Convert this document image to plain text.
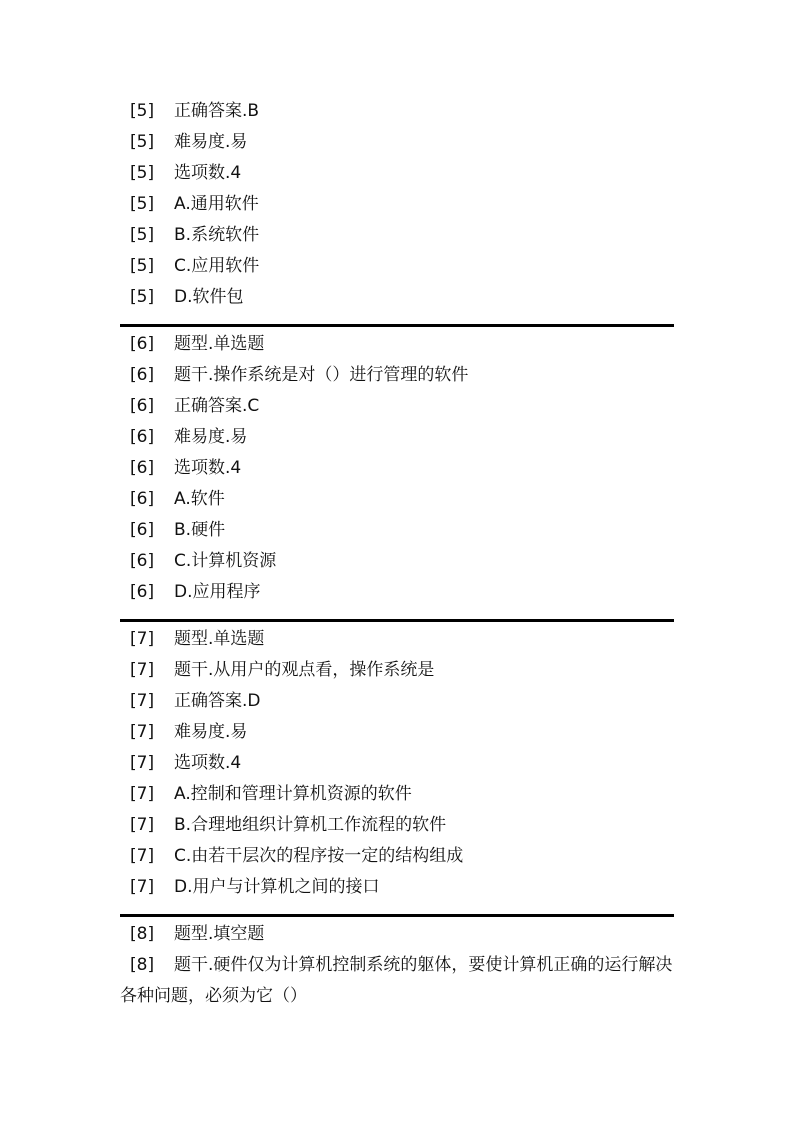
[5] 正确答案.B
[5] 难易度.易
[5] 选项数.4
[5] A.通用软件
[5] B.系统软件
[5] C.应用软件
[5] D.软件包
[6] 题型.单选题
[6] 题干.操作系统是对（）进行管理的软件
[6] 正确答案.C
[6] 难易度.易
[6] 选项数.4
[6] A.软件
[6] B.硬件
[6] C.计算机资源
[6] D.应用程序
[7] 题型.单选题
[7] 题干.从用户的观点看，操作系统是
[7] 正确答案.D
[7] 难易度.易
[7] 选项数.4
[7] A.控制和管理计算机资源的软件
[7] B.合理地组织计算机工作流程的软件
[7] C.由若干层次的程序按一定的结构组成
[7] D.用户与计算机之间的接口
[8] 题型.填空题
[8] 题干.硬件仅为计算机控制系统的躯体，要使计算机正确的运行解决各种问题，必须为它（）
